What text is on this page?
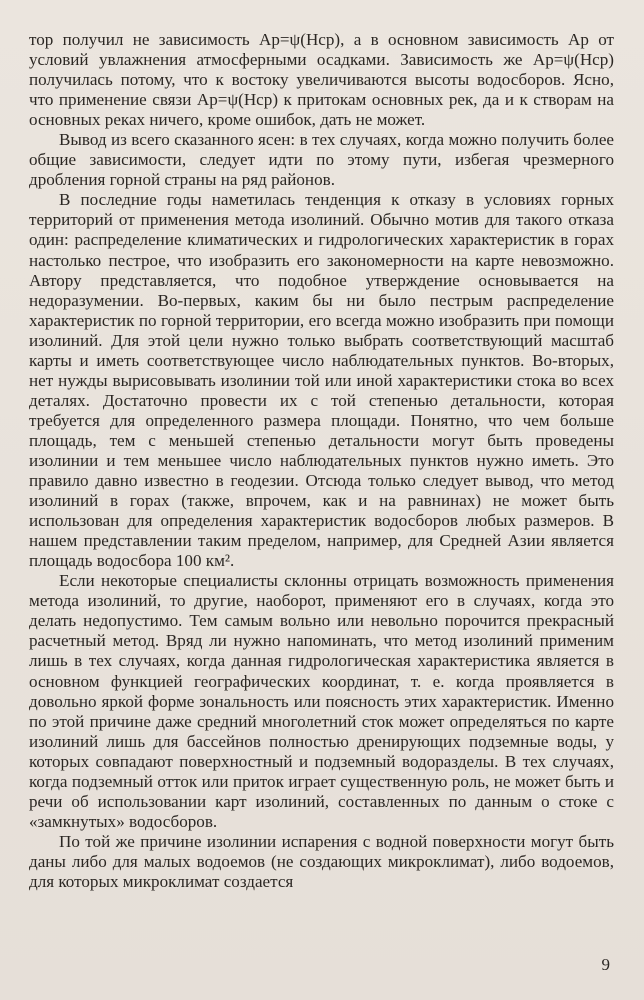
тор получил не зависимость Aр=ψ(Hср), а в основном зависимость Aр от условий увлажнения атмосферными осадками. Зависимость же Aр=ψ(Hср) получилась потому, что к востоку увеличиваются высоты водосборов. Ясно, что применение связи Aр=ψ(Hср) к притокам основных рек, да и к створам на основных реках ничего, кроме ошибок, дать не может.

Вывод из всего сказанного ясен: в тех случаях, когда можно получить более общие зависимости, следует идти по этому пути, избегая чрезмерного дробления горной страны на ряд районов.

В последние годы наметилась тенденция к отказу в условиях горных территорий от применения метода изолиний. Обычно мотив для такого отказа один: распределение климатических и гидрологических характеристик в горах настолько пестрое, что изобразить его закономерности на карте невозможно. Автору представляется, что подобное утверждение основывается на недоразумении. Во-первых, каким бы ни было пестрым распределение характеристик по горной территории, его всегда можно изобразить при помощи изолиний. Для этой цели нужно только выбрать соответствующий масштаб карты и иметь соответствующее число наблюдательных пунктов. Во-вторых, нет нужды вырисовывать изолинии той или иной характеристики стока во всех деталях. Достаточно провести их с той степенью детальности, которая требуется для определенного размера площади. Понятно, что чем больше площадь, тем с меньшей степенью детальности могут быть проведены изолинии и тем меньшее число наблюдательных пунктов нужно иметь. Это правило давно известно в геодезии. Отсюда только следует вывод, что метод изолиний в горах (также, впрочем, как и на равнинах) не может быть использован для определения характеристик водосборов любых размеров. В нашем представлении таким пределом, например, для Средней Азии является площадь водосбора 100 км².

Если некоторые специалисты склонны отрицать возможность применения метода изолиний, то другие, наоборот, применяют его в случаях, когда это делать недопустимо. Тем самым вольно или невольно порочится прекрасный расчетный метод. Вряд ли нужно напоминать, что метод изолиний применим лишь в тех случаях, когда данная гидрологическая характеристика является в основном функцией географических координат, т. е. когда проявляется в довольно яркой форме зональность или поясность этих характеристик. Именно по этой причине даже средний многолетний сток может определяться по карте изолиний лишь для бассейнов полностью дренирующих подземные воды, у которых совпадают поверхностный и подземный водоразделы. В тех случаях, когда подземный отток или приток играет существенную роль, не может быть и речи об использовании карт изолиний, составленных по данным о стоке с «замкнутых» водосборов.

По той же причине изолинии испарения с водной поверхности могут быть даны либо для малых водоемов (не создающих микроклимат), либо водоемов, для которых микроклимат создается

9
